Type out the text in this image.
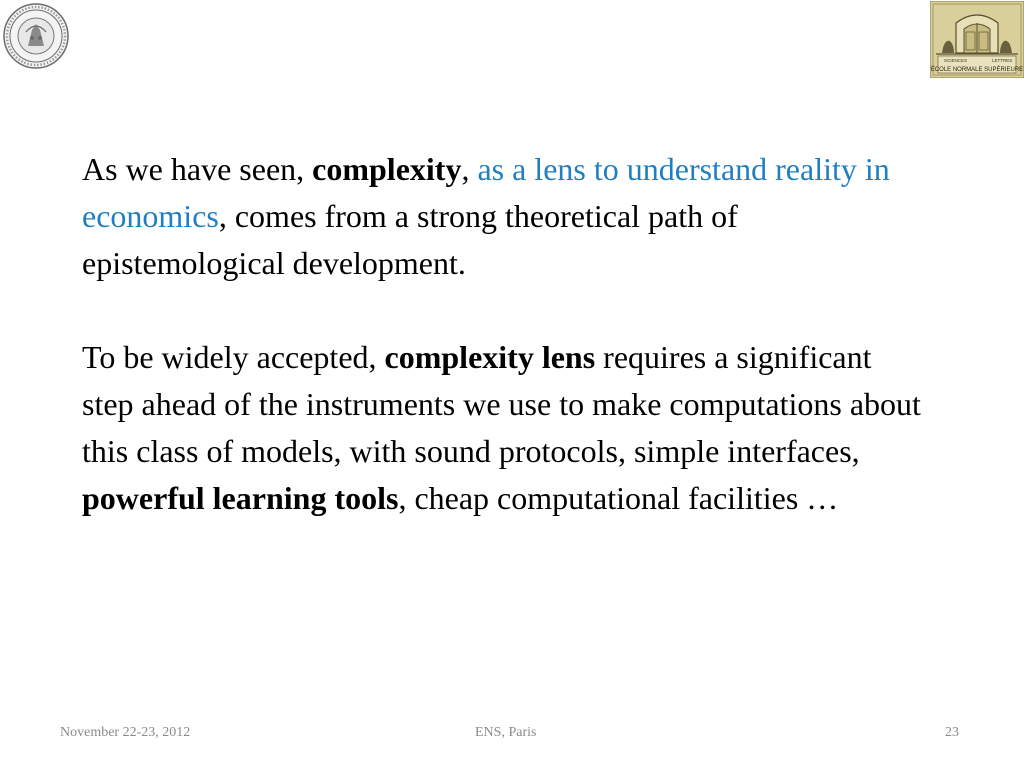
SCIENCES	LETTRES
ÉCOLE NORMALE SUPÉRIEURE

As we have seen, complexity, as a lens to understand reality in economics, comes from a strong theoretical path of epistemological development.

To be widely accepted, complexity lens requires a significant step ahead of the instruments we use to make computations about this class of models, with sound protocols, simple interfaces, powerful learning tools, cheap computational facilities …

November 22-23, 2012	ENS, Paris	23
